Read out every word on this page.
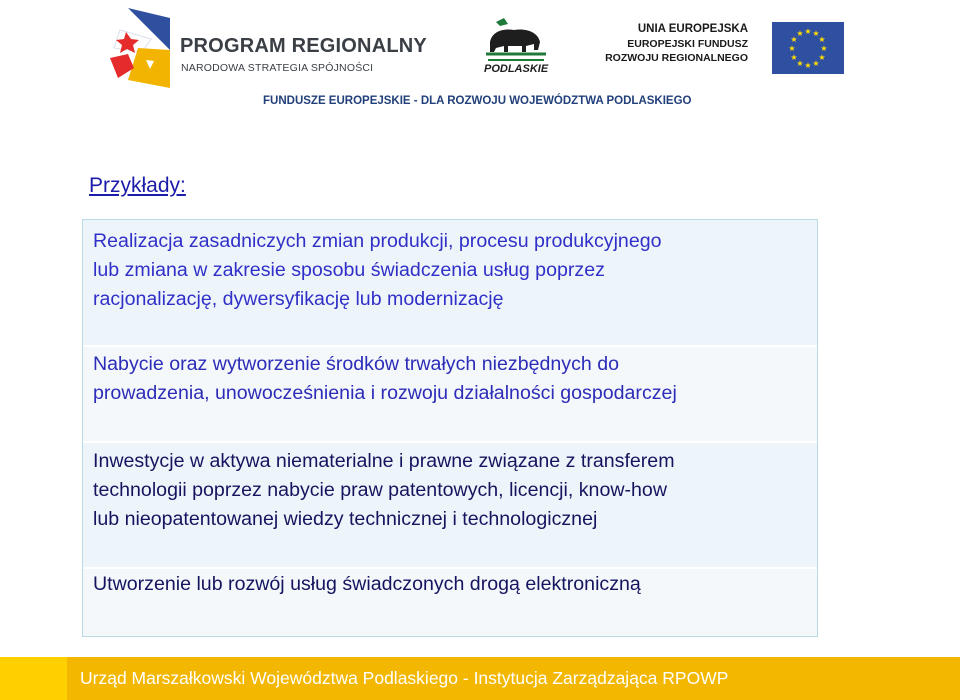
PROGRAM REGIONALNY
NARODOWA STRATEGIA SPÓJNOŚCI	PODLASKIE
UNIA EUROPEJSKA
EUROPEJSKI FUNDUSZ
ROZWOJU REGIONALNEGO
★ ★
★
★
★
★
★
★
★
★
★
★
FUNDUSZE EUROPEJSKIE - DLA ROZWOJU WOJEWÓDZTWA PODLASKIEGO
Przykłady:
Realizacja zasadniczych zmian produkcji, procesu produkcyjnego
lub zmiana w zakresie sposobu świadczenia usług poprzez
racjonalizację, dywersyfikację lub modernizację
Nabycie oraz wytworzenie środków trwałych niezbędnych do
prowadzenia, unowocześnienia i rozwoju działalności gospodarczej
Inwestycje w aktywa niematerialne i prawne związane z transferem
technologii poprzez nabycie praw patentowych, licencji, know-how
lub nieopatentowanej wiedzy technicznej i technologicznej
Utworzenie lub rozwój usług świadczonych drogą elektroniczną
Urząd Marszałkowski Województwa Podlaskiego - Instytucja Zarządzająca RPOWP
